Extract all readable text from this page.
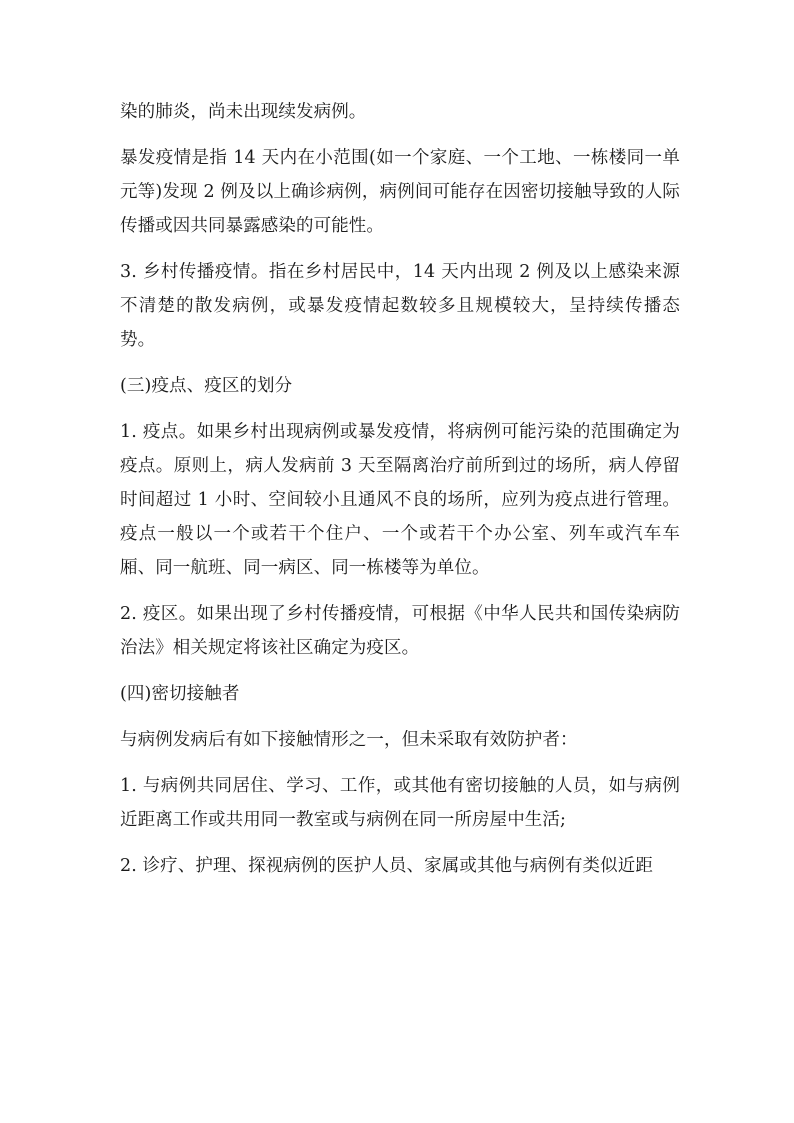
染的肺炎，尚未出现续发病例。

暴发疫情是指 14 天内在小范围(如一个家庭、一个工地、一栋楼同一单元等)发现 2 例及以上确诊病例，病例间可能存在因密切接触导致的人际传播或因共同暴露感染的可能性。

3. 乡村传播疫情。指在乡村居民中，14 天内出现 2 例及以上感染来源不清楚的散发病例，或暴发疫情起数较多且规模较大，呈持续传播态势。

(三)疫点、疫区的划分

1. 疫点。如果乡村出现病例或暴发疫情，将病例可能污染的范围确定为疫点。原则上，病人发病前 3 天至隔离治疗前所到过的场所，病人停留时间超过 1 小时、空间较小且通风不良的场所，应列为疫点进行管理。疫点一般以一个或若干个住户、一个或若干个办公室、列车或汽车车厢、同一航班、同一病区、同一栋楼等为单位。

2. 疫区。如果出现了乡村传播疫情，可根据《中华人民共和国传染病防治法》相关规定将该社区确定为疫区。

(四)密切接触者

与病例发病后有如下接触情形之一，但未采取有效防护者：

1. 与病例共同居住、学习、工作，或其他有密切接触的人员，如与病例近距离工作或共用同一教室或与病例在同一所房屋中生活;

2. 诊疗、护理、探视病例的医护人员、家属或其他与病例有类似近距
